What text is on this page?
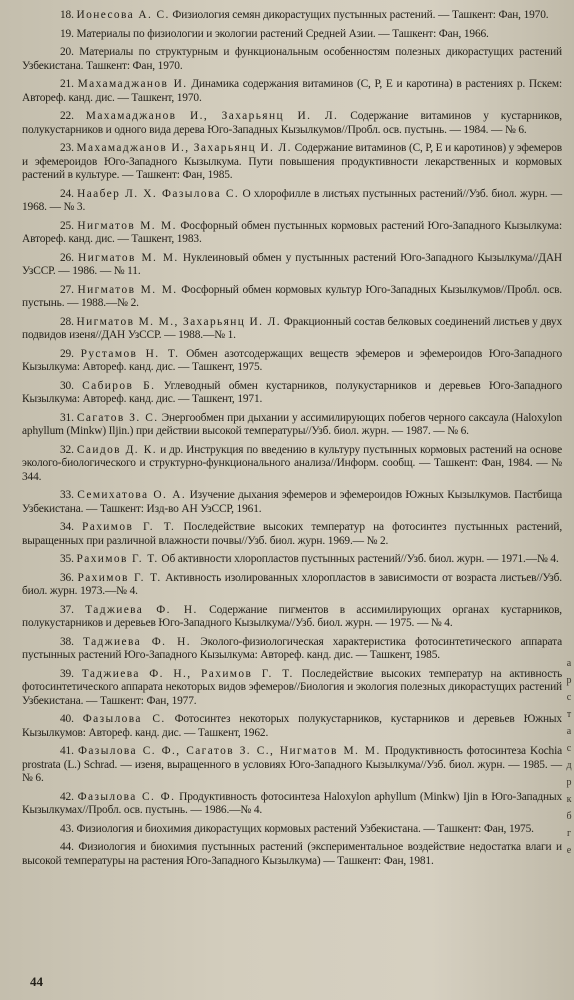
18. Ионесова А. С. Физиология семян дикорастущих пустынных растений. — Ташкент: Фан, 1970.

19. Материалы по физиологии и экологии растений Средней Азии. — Ташкент: Фан, 1966.

20. Материалы по структурным и функциональным особенностям полезных дикорастущих растений Узбекистана. Ташкент: Фан, 1970.

21. Махамаджанов И. Динамика содержания витаминов (С, Р, Е и каротина) в растениях р. Пскем: Автореф. канд. дис. — Ташкент, 1970.

22. Махамаджанов И., Захарьянц И. Л. Содержание витаминов у кустарников, полукустарников и одного вида дерева Юго-Западных Кызылкумов//Пробл. осв. пустынь. — 1984. — № 6.

23. Махамаджанов И., Захарьянц И. Л. Содержание витаминов (С, Р, Е и каротинов) у эфемеров и эфемероидов Юго-Западного Кызылкума. Пути повышения продуктивности лекарственных и кормовых растений в культуре. — Ташкент: Фан, 1985.

24. Наабер Л. Х. Фазылова С. О хлорофилле в листьях пустынных растений//Узб. биол. журн. — 1968. — № 3.

25. Нигматов М. М. Фосфорный обмен пустынных кормовых растений Юго-Западного Кызылкума: Автореф. канд. дис. — Ташкент, 1983.

26. Нигматов М. М. Нуклеиновый обмен у пустынных растений Юго-Западного Кызылкума//ДАН УзССР. — 1986. — № 11.

27. Нигматов М. М. Фосфорный обмен кормовых культур Юго-Западных Кызылкумов//Пробл. осв. пустынь. — 1988.—№ 2.

28. Нигматов М. М., Захарьянц И. Л. Фракционный состав белковых соединений листьев у двух подвидов изеня//ДАН УзССР. — 1988.—№ 1.

29. Рустамов Н. Т. Обмен азотсодержащих веществ эфемеров и эфемероидов Юго-Западного Кызылкума: Автореф. канд. дис. — Ташкент, 1975.

30. Сабиров Б. Углеводный обмен кустарников, полукустарников и деревьев Юго-Западного Кызылкума: Автореф. канд. дис. — Ташкент, 1971.

31. Сагатов З. С. Энергообмен при дыхании у ассимилирующих побегов черного саксаула (Haloxylon aphyllum (Minkw) Iljin.) при действии высокой температуры//Узб. биол. журн. — 1987. — № 6.

32. Саидов Д. К. и др. Инструкция по введению в культуру пустынных кормовых растений на основе эколого-биологического и структурно-функционального анализа//Информ. сообщ. — Ташкент: Фан, 1984. — № 344.

33. Семихатова О. А. Изучение дыхания эфемеров и эфемероидов Южных Кызылкумов. Пастбища Узбекистана. — Ташкент: Изд-во АН УзССР, 1961.

34. Рахимов Г. Т. Последействие высоких температур на фотосинтез пустынных растений, выращенных при различной влажности почвы//Узб. биол. журн. 1969.— № 2.

35. Рахимов Г. Т. Об активности хлоропластов пустынных растений//Узб. биол. журн. — 1971.—№ 4.

36. Рахимов Г. Т. Активность изолированных хлоропластов в зависимости от возраста листьев//Узб. биол. журн. 1973.—№ 4.

37. Таджиева Ф. Н. Содержание пигментов в ассимилирующих органах кустарников, полукустарников и деревьев Юго-Западного Кызылкума//Узб. биол. журн. — 1975. — № 4.

38. Таджиева Ф. Н. Эколого-физиологическая характеристика фотосинтетического аппарата пустынных растений Юго-Западного Кызылкума: Автореф. канд. дис. — Ташкент, 1985.

39. Таджиева Ф. Н., Рахимов Г. Т. Последействие высоких температур на активность фотосинтетического аппарата некоторых видов эфемеров//Биология и экология полезных дикорастущих растений Узбекистана. — Ташкент: Фан, 1977.

40. Фазылова С. Фотосинтез некоторых полукустарников, кустарников и деревьев Южных Кызылкумов: Автореф. канд. дис. — Ташкент, 1962.

41. Фазылова С. Ф., Сагатов З. С., Нигматов М. М. Продуктивность фотосинтеза Kochia prostrata (L.) Schrad. — изеня, выращенного в условиях Юго-Западного Кызылкума//Узб. биол. журн. — 1985. — № 6.

42. Фазылова С. Ф. Продуктивность фотосинтеза Haloxylon aphyllum (Minkw) Ijin в Юго-Западных Кызылкумах//Пробл. осв. пустынь. — 1986.—№ 4.

43. Физиология и биохимия дикорастущих кормовых растений Узбекистана. — Ташкент: Фан, 1975.

44. Физиология и биохимия пустынных растений (экспериментальное воздействие недостатка влаги и высокой температуры на растения Юго-Западного Кызылкума) — Ташкент: Фан, 1981.

а
р
с
т
а
с
д
р
к
б
г
е
44
